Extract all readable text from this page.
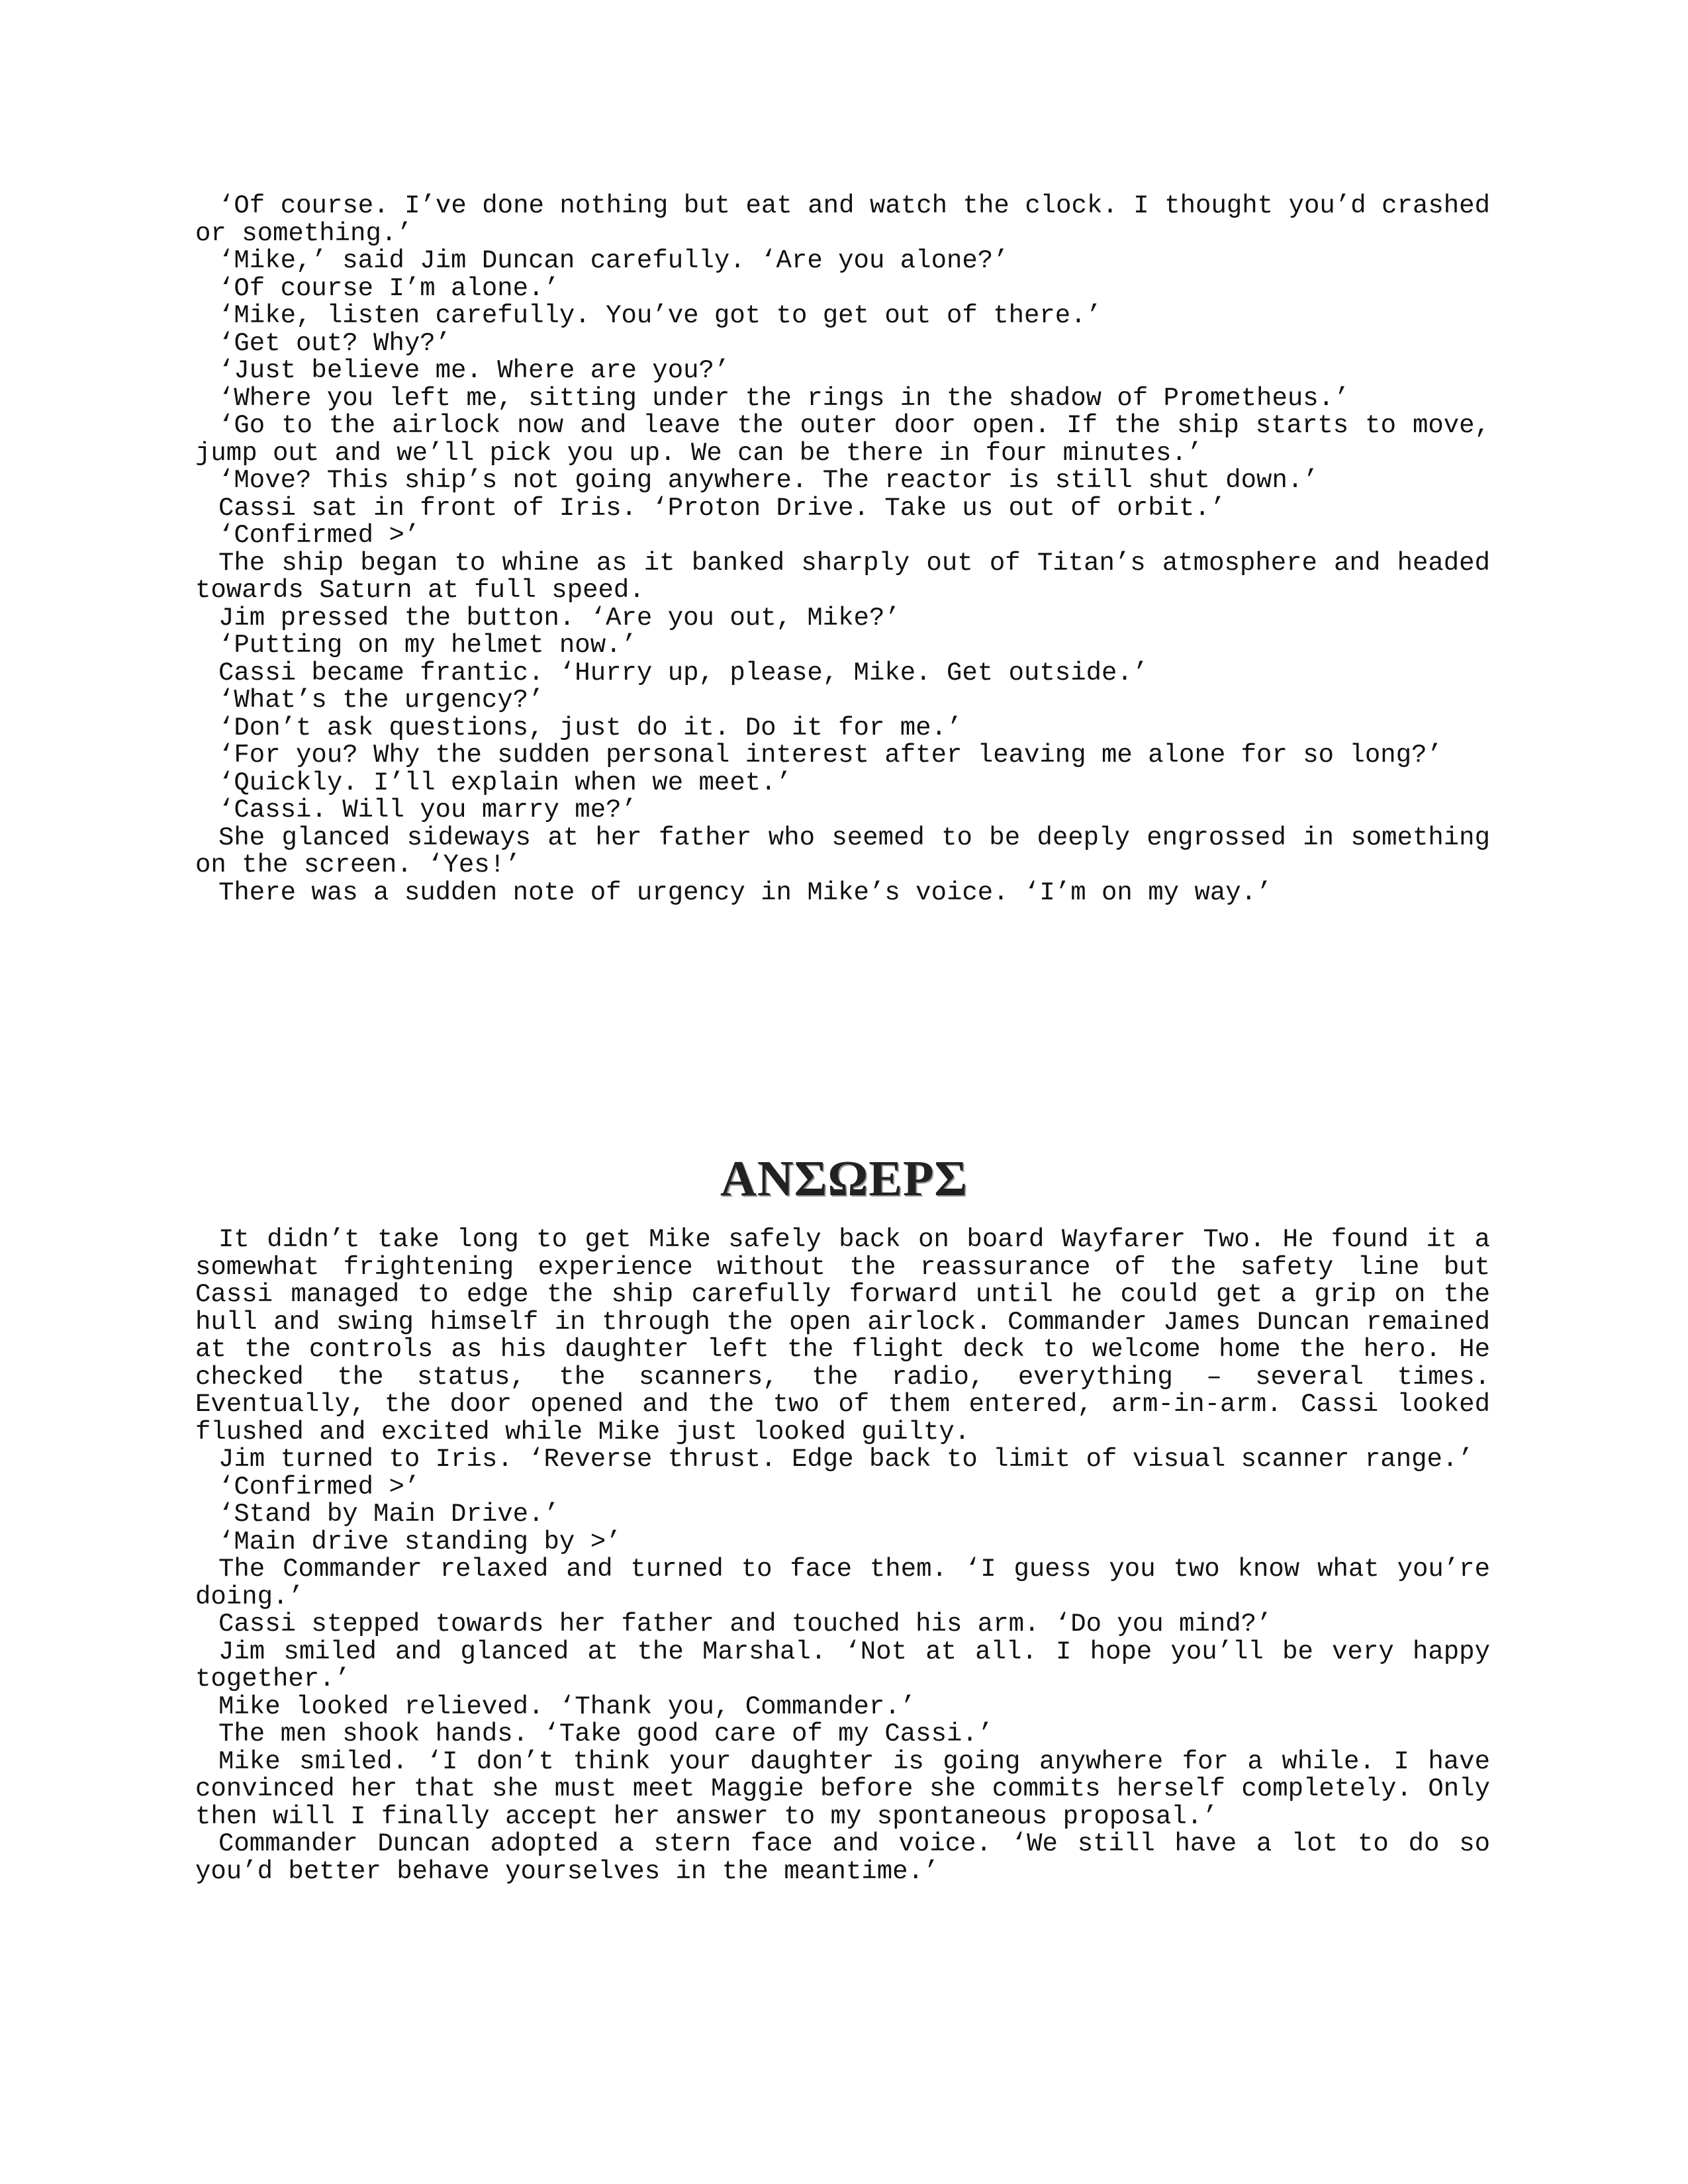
‘Of course. I’ve done nothing but eat and watch the clock. I thought you’d crashed or something.’

‘Mike,’ said Jim Duncan carefully. ‘Are you alone?’

‘Of course I’m alone.’

‘Mike, listen carefully. You’ve got to get out of there.’

‘Get out? Why?’

‘Just believe me. Where are you?’

‘Where you left me, sitting under the rings in the shadow of Prometheus.’

‘Go to the airlock now and leave the outer door open. If the ship starts to move, jump out and we’ll pick you up. We can be there in four minutes.’

‘Move? This ship’s not going anywhere. The reactor is still shut down.’

Cassi sat in front of Iris. ‘Proton Drive. Take us out of orbit.’

‘Confirmed >’

The ship began to whine as it banked sharply out of Titan’s atmosphere and headed towards Saturn at full speed.

Jim pressed the button. ‘Are you out, Mike?’

‘Putting on my helmet now.’

Cassi became frantic. ‘Hurry up, please, Mike. Get outside.’

‘What’s the urgency?’

‘Don’t ask questions, just do it. Do it for me.’

‘For you? Why the sudden personal interest after leaving me alone for so long?’

‘Quickly. I’ll explain when we meet.’

‘Cassi. Will you marry me?’

She glanced sideways at her father who seemed to be deeply engrossed in something on the screen. ‘Yes!’

There was a sudden note of urgency in Mike’s voice. ‘I’m on my way.’

ΑΝΣΩΕΡΣ

It didn’t take long to get Mike safely back on board Wayfarer Two. He found it a somewhat frightening experience without the reassurance of the safety line but Cassi managed to edge the ship carefully forward until he could get a grip on the hull and swing himself in through the open airlock. Commander James Duncan remained at the controls as his daughter left the flight deck to welcome home the hero. He checked the status, the scanners, the radio, everything – several times. Eventually, the door opened and the two of them entered, arm-in-arm. Cassi looked flushed and excited while Mike just looked guilty.

Jim turned to Iris. ‘Reverse thrust. Edge back to limit of visual scanner range.’

‘Confirmed >’

‘Stand by Main Drive.’

‘Main drive standing by >’

The Commander relaxed and turned to face them. ‘I guess you two know what you’re doing.’

Cassi stepped towards her father and touched his arm. ‘Do you mind?’

Jim smiled and glanced at the Marshal. ‘Not at all. I hope you’ll be very happy together.’

Mike looked relieved. ‘Thank you, Commander.’

The men shook hands. ‘Take good care of my Cassi.’

Mike smiled. ‘I don’t think your daughter is going anywhere for a while. I have convinced her that she must meet Maggie before she commits herself completely. Only then will I finally accept her answer to my spontaneous proposal.’

Commander Duncan adopted a stern face and voice. ‘We still have a lot to do so you’d better behave yourselves in the meantime.’
